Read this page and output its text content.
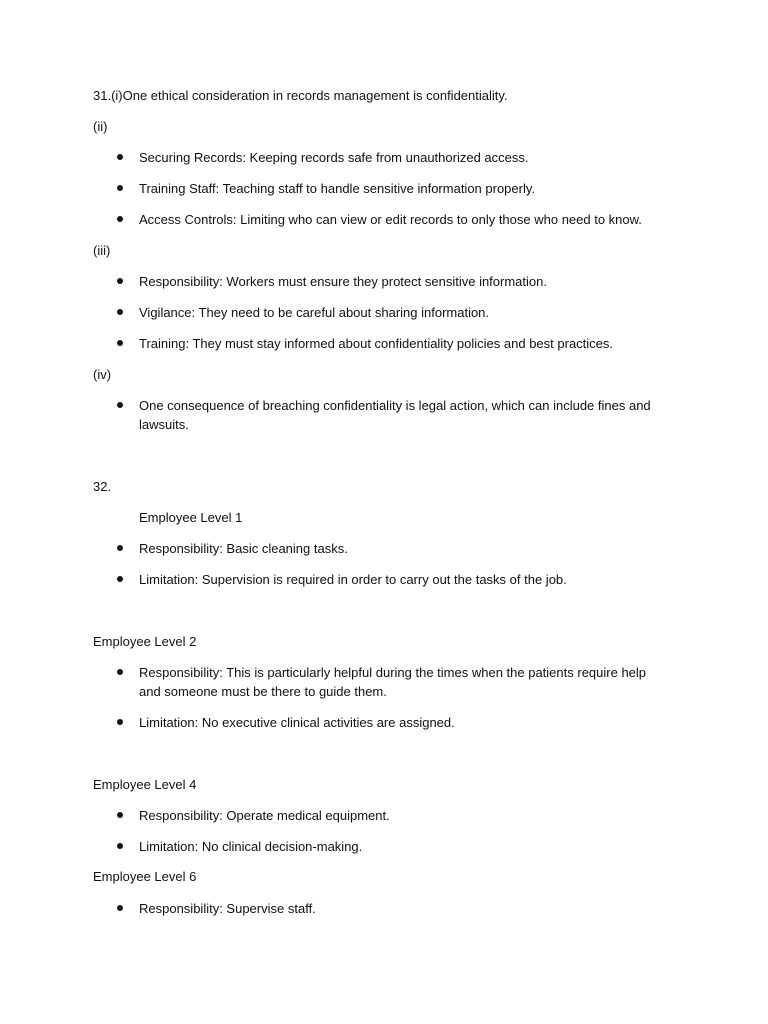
31.(i)One ethical consideration in records management is confidentiality.
(ii)
Securing Records: Keeping records safe from unauthorized access.
Training Staff: Teaching staff to handle sensitive information properly.
Access Controls: Limiting who can view or edit records to only those who need to know.
(iii)
Responsibility: Workers must ensure they protect sensitive information.
Vigilance: They need to be careful about sharing information.
Training: They must stay informed about confidentiality policies and best practices.
(iv)
One consequence of breaching confidentiality is legal action, which can include fines and lawsuits.
32.
Employee Level 1
Responsibility: Basic cleaning tasks.
Limitation: Supervision is required in order to carry out the tasks of the job.
Employee Level 2
Responsibility: This is particularly helpful during the times when the patients require help and someone must be there to guide them.
Limitation: No executive clinical activities are assigned.
Employee Level 4
Responsibility: Operate medical equipment.
Limitation: No clinical decision-making.
Employee Level 6
Responsibility: Supervise staff.
